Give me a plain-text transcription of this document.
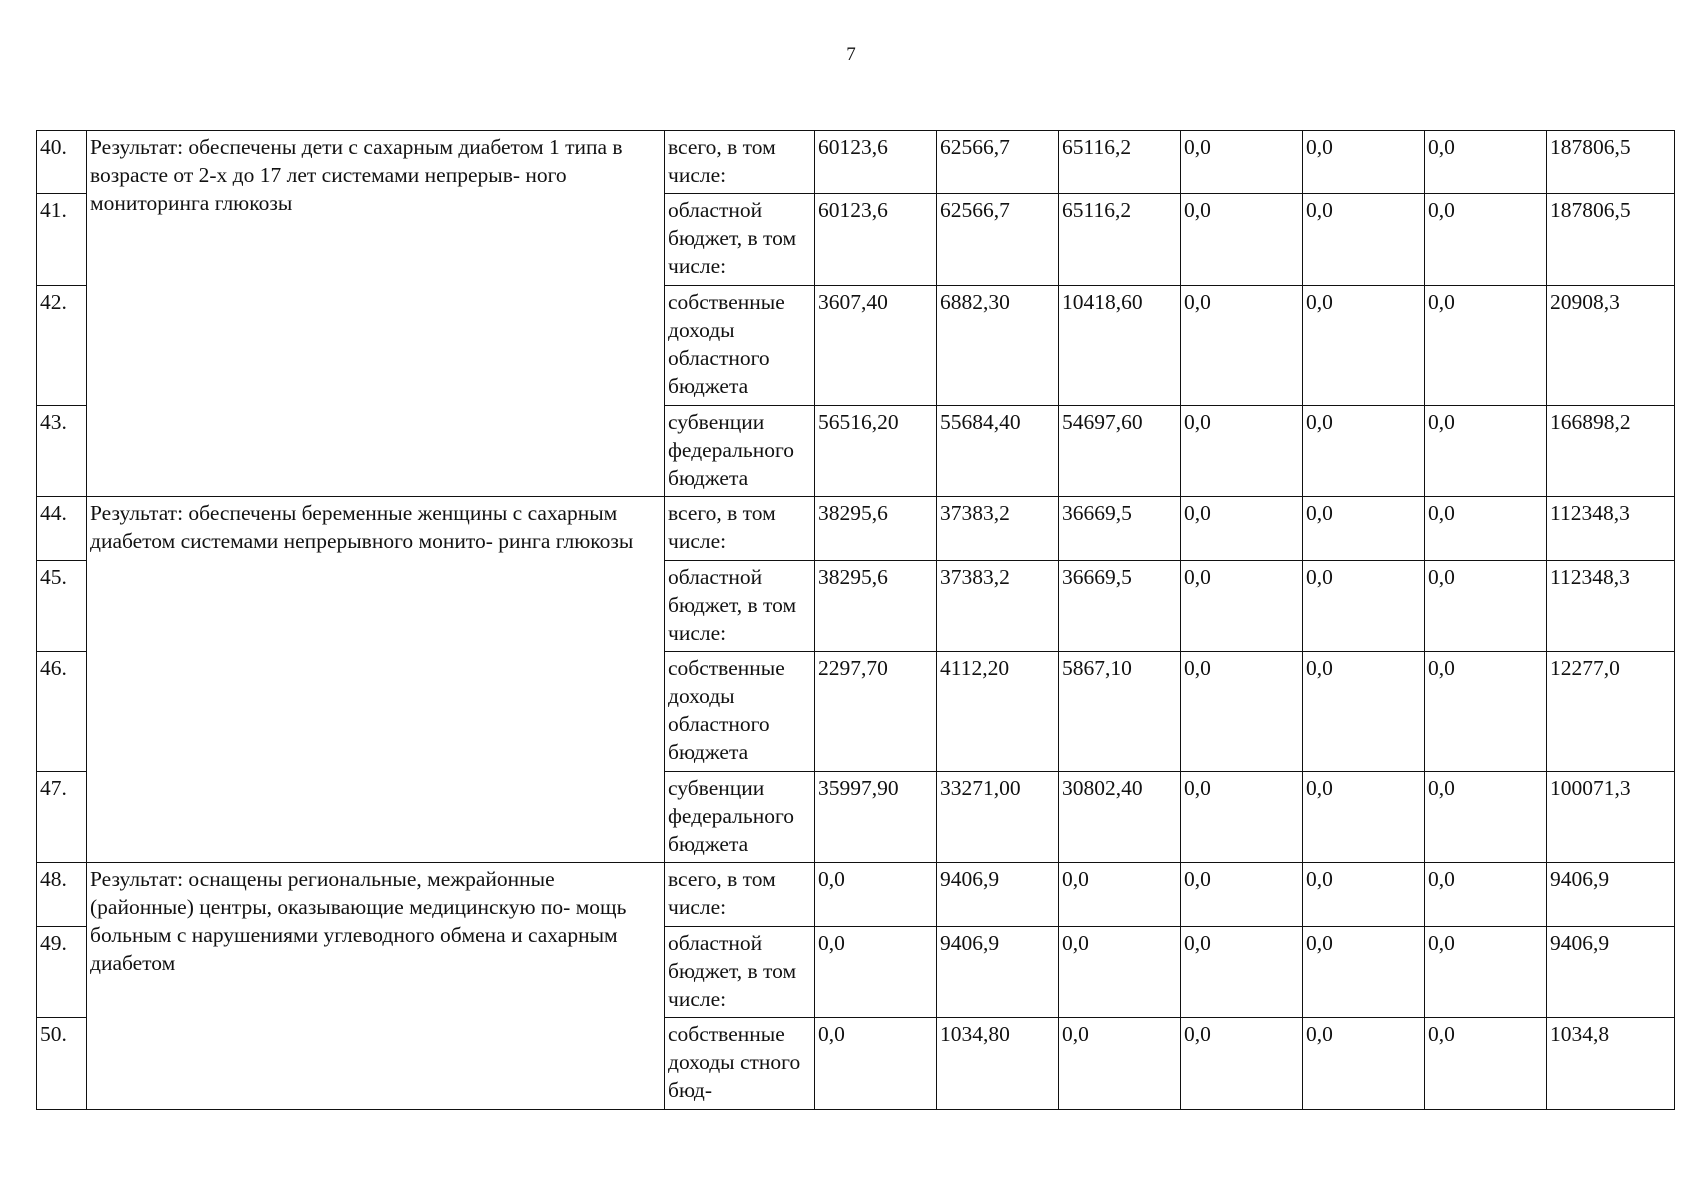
7
40.	Результат: обеспечены дети с сахарным диабетом 1 типа в возрасте от 2-х до 17 лет системами непрерыв- ного мониторинга глюкозы	всего, в том числе:	60123,6	62566,7	65116,2	0,0	0,0	0,0	187806,5
41.		областной бюджет, в том числе:	60123,6	62566,7	65116,2	0,0	0,0	0,0	187806,5
42.		собственные доходы областного бюджета	3607,40	6882,30	10418,60	0,0	0,0	0,0	20908,3
43.		субвенции федерального бюджета	56516,20	55684,40	54697,60	0,0	0,0	0,0	166898,2
44.	Результат: обеспечены беременные женщины с сахарным диабетом системами непрерывного монито- ринга глюкозы	всего, в том числе:	38295,6	37383,2	36669,5	0,0	0,0	0,0	112348,3
45.		областной бюджет, в том числе:	38295,6	37383,2	36669,5	0,0	0,0	0,0	112348,3
46.		собственные доходы областного бюджета	2297,70	4112,20	5867,10	0,0	0,0	0,0	12277,0
47.		субвенции федерального бюджета	35997,90	33271,00	30802,40	0,0	0,0	0,0	100071,3
48.	Результат: оснащены региональные, межрайонные (районные) центры, оказывающие медицинскую по- мощь больным с нарушениями углеводного обмена и сахарным диабетом	всего, в том числе:	0,0	9406,9	0,0	0,0	0,0	0,0	9406,9
49.		областной бюджет, в том числе:	0,0	9406,9	0,0	0,0	0,0	0,0	9406,9
50.		собственные доходы стного бюд-	0,0	1034,80	0,0	0,0	0,0	0,0	1034,8
